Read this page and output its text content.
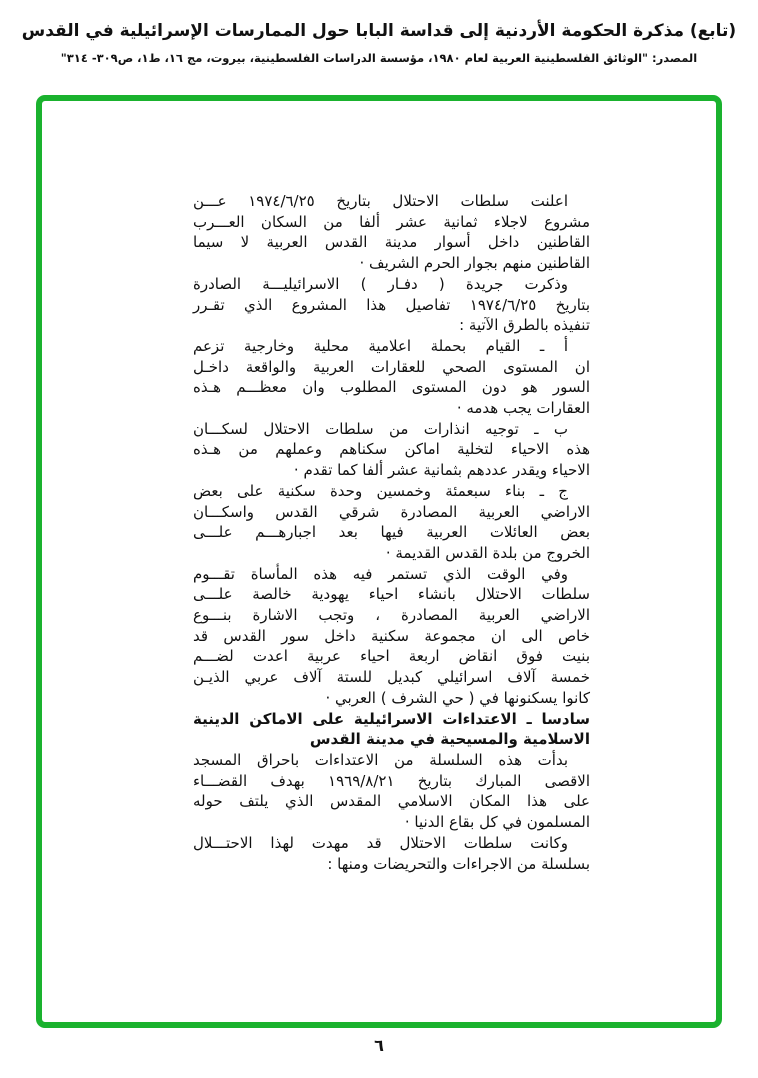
(تابع) مذكرة الحكومة الأردنية إلى قداسة البابا حول الممارسات الإسرائيلية في القدس
المصدر: "الوثائق الفلسطينية العربية لعام ١٩٨٠، مؤسسة الدراسات الفلسطينية، بيروت، مج ١٦، ط١، ص٣٠٩- ٣١٤"
اعلنت سلطات الاحتلال بتاريخ ١٩٧٤/٦/٢٥ عـــن
مشروع لاجلاء ثمانية عشر ألفا من السكان العـــرب
القاطنين داخل أسوار مدينة القدس العربية لا سيما
القاطنين منهم بجوار الحرم الشريف ·
وذكرت جريدة ( دفـار ) الاسرائيليـــة الصادرة
بتاريخ ١٩٧٤/٦/٢٥ تفاصيل هذا المشروع الذي تقـرر
تنفيذه بالطرق الآتية :
أ ـ القيام بحملة اعلامية محلية وخارجية تزعم
ان المستوى الصحي للعقارات العربية والواقعة داخـل
السور هو دون المستوى المطلوب وان معظـــم هـذه
العقارات يجب هدمه ·
ب ـ توجيه انذارات من سلطات الاحتلال لسكـــان
هذه الاحياء لتخلية اماكن سكناهم وعملهم من هـذه
الاحياء ويقدر عددهم بثمانية عشر ألفا كما تقدم ·
ج ـ بناء سبعمئة وخمسين وحدة سكنية على بعض
الاراضي العربية المصادرة شرقي القدس واسكـــان
بعض العائلات العربية فيها بعد اجبارهـــم علـــى
الخروج من بلدة القدس القديمة ·
وفي الوقت الذي تستمر فيه هذه المأساة تقـــوم
سلطات الاحتلال بانشاء احياء يهودية خالصة علـــى
الاراضي العربية المصادرة ، وتجب الاشارة بنـــوع
خاص الى ان مجموعة سكنية داخل سور القدس قد
بنيت فوق انقاض اربعة احياء عربية اعدت لضـــم
خمسة آلاف اسرائيلي كبديل للستة آلاف عربي الذيـن
كانوا يسكنونها في ( حي الشرف ) العربي ·
سادسا ـ الاعتداءات الاسرائيلية على الاماكن الدينية
الاسلامية والمسيحية في مدينة القدس
بدأت هذه السلسلة من الاعتداءات باحراق المسجد
الاقصى المبارك بتاريخ ١٩٦٩/٨/٢١ بهدف القضـــاء
على هذا المكان الاسلامي المقدس الذي يلتف حوله
المسلمون في كل بقاع الدنيا ·
وكانت سلطات الاحتلال قد مهدت لهذا الاحتـــلال
بسلسلة من الاجراءات والتحريضات ومنها :
٦
